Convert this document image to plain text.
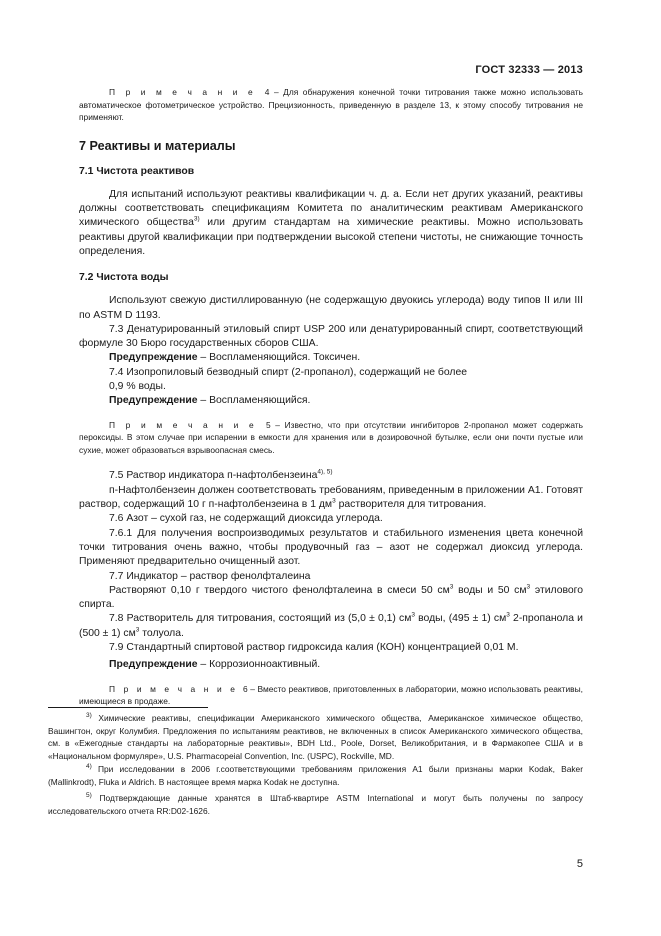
ГОСТ 32333 — 2013

П р и м е ч а н и е 4 – Для обнаружения конечной точки титрования также можно использовать автоматическое фотометрическое устройство. Прецизионность, приведенную в разделе 13, к этому способу титрования не применяют.

7 Реактивы и материалы
7.1 Чистота реактивов

Для испытаний используют реактивы квалификации ч. д. а. Если нет других указаний, реактивы должны соответствовать спецификациям Комитета по аналитическим реактивам Американского химического общества$^{3)}$ или другим стандартам на химические реактивы. Можно использовать реактивы другой квалификации при подтверждении высокой степени чистоты, не снижающие точность определения.

7.2 Чистота воды

Используют свежую дистиллированную (не содержащую двуокись углерода) воду типов II или III по ASTM D 1193.

7.3 Денатурированный этиловый спирт USP 200 или денатурированный спирт, соответствующий формуле 30 Бюро государственных сборов США.

Предупреждение – Воспламеняющийся. Токсичен.

7.4 Изопропиловый безводный спирт (2-пропанол), содержащий не более

0,9 % воды.

Предупреждение – Воспламеняющийся.

П р и м е ч а н и е 5 – Известно, что при отсутствии ингибиторов 2-пропанол может содержать пероксиды. В этом случае при испарении в емкости для хранения или в дозировочной бутылке, если они почти пустые или сухие, может образоваться взрывоопасная смесь.

7.5 Раствор индикатора п-нафтолбензеина$^{4), 5)}$

п-Нафтолбензеин должен соответствовать требованиям, приведенным в приложении А1. Готовят раствор, содержащий 10 г п-нафтолбензеина в 1 $дм^3$ растворителя для титрования.

7.6 Азот – сухой газ, не содержащий диоксида углерода.

7.6.1 Для получения воспроизводимых результатов и стабильного изменения цвета конечной точки титрования очень важно, чтобы продувочный газ – азот не содержал диоксид углерода. Применяют предварительно очищенный азот.

7.7 Индикатор – раствор фенолфталеина

Растворяют 0,10 г твердого чистого фенолфталеина в смеси 50 $см^3$ воды и 50 $см^3$ этилового спирта.

7.8 Растворитель для титрования, состоящий из (5,0 ± 0,1) $см^3$ воды, (495 ± 1) $см^3$ 2-пропанола и (500 ± 1) $см^3$ толуола.

7.9 Стандартный спиртовой раствор гидроксида калия (КОН) концентрацией 0,01 М.

Предупреждение – Коррозионноактивный.

П р и м е ч а н и е 6 – Вместо реактивов, приготовленных в лаборатории, можно использовать реактивы, имеющиеся в продаже.

$^{3)}$ Химические реактивы, спецификации Американского химического общества, Американское химическое общество, Вашингтон, округ Колумбия. Предложения по испытаниям реактивов, не включенных в список Американского химического общества, см. в «Ежегодные стандарты на лабораторные реактивы», BDH Ltd., Poole, Dorset, Великобритания, и в Фармакопее США и в «Национальном формуляре», U.S. Pharmacopeial Convention, Inc. (USPC), Rockville, MD.

$^{4)}$ При исследовании в 2006 г.соответствующими требованиям приложения А1 были признаны марки Kodak, Baker (Mallinkrodt), Fluka и Aldrich. В настоящее время марка Kodak не доступна.

$^{5)}$ Подтверждающие данные хранятся в Штаб-квартире ASTM International и могут быть получены по запросу исследовательского отчета RR:D02-1626.

5
